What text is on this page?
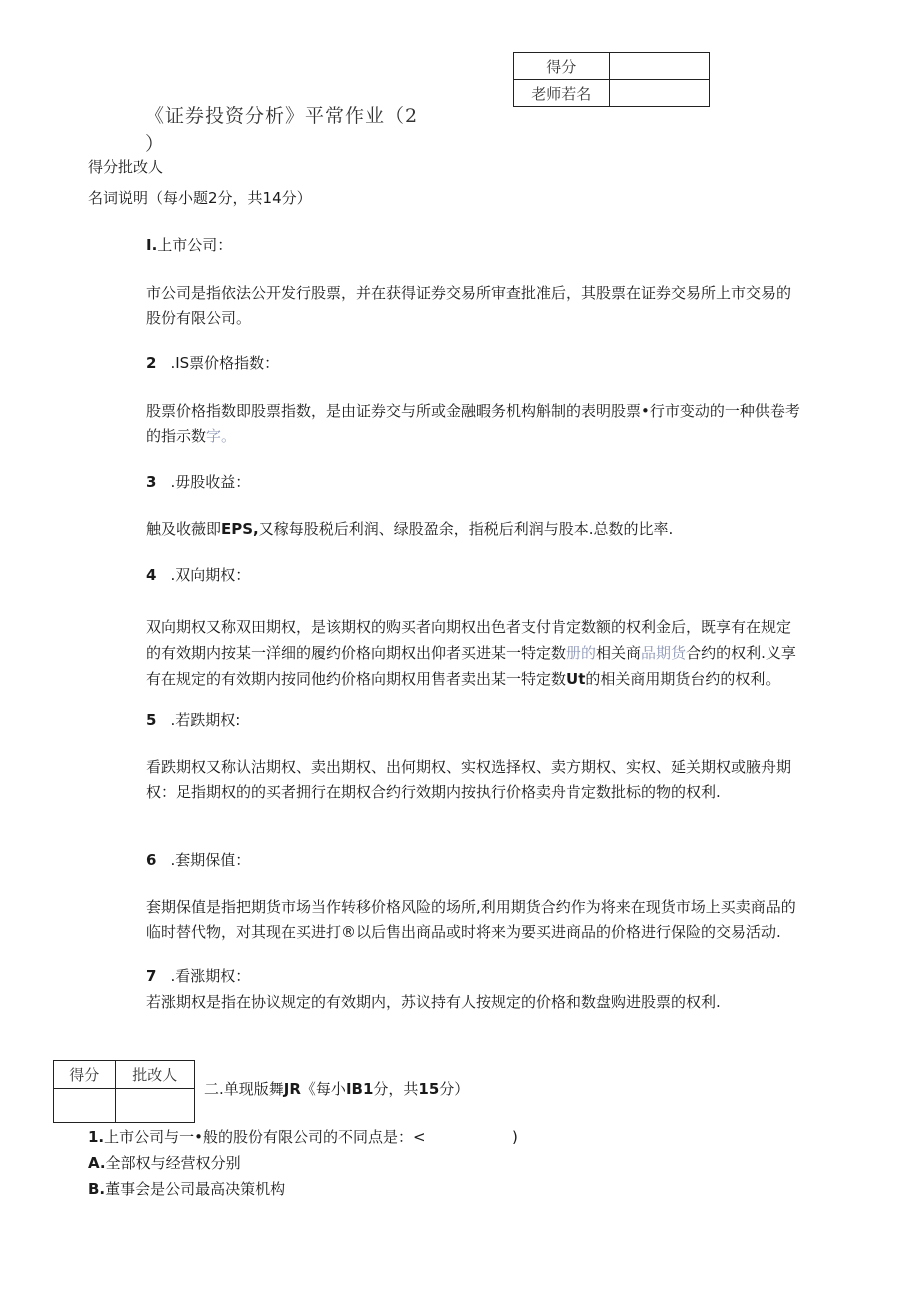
得分	
老师若名	
《证券投资分析》平常作业（2
）
得分批改人
名词说明（每小题2分，共14分）
I.上市公司：
市公司是指依法公开发行股票，并在获得证券交易所审查批准后，其股票在证券交易所上市交易的
股份有限公司。
2 .IS票价格指数：
股票价格指数即股票指数，是由证券交与所或金融暇务机构斛制的表明股票•行市变动的一种供卷考
的指示数字。
3 .毋股收益：
触及收薇即EPS,又稼每股税后利润、绿股盈余，指税后利润与股本.总数的比率.
4 .双向期权：
双向期权又称双田期权，是该期权的购买者向期权出色者支付肯定数额的权利金后，既享有在规定
的有效期内按某一洋细的履约价格向期权出仰者买进某一特定数册的相关商品期货合约的权利.义享
有在规定的有效期内按同他约价格向期权用售者卖出某一特定数Ut的相关商用期货台约的权利。
5 .若跌期权:
看跌期权又称认沽期权、卖出期权、出何期权、实权选择权、卖方期权、实权、延关期权或腋舟期
权：足指期权的的买者拥行在期权合约行效期内按执行价格卖舟肯定数批标的物的权利.
6 .套期保值：
套期保值是指把期货市场当作转移价格风险的场所,利用期货合约作为将来在现货市场上买卖商品的
临时替代物，对其现在买进打®以后售出商品或时将来为要买进商品的价格进行保险的交易活动.
7 .看涨期权：
若涨期权是指在协议规定的有效期内，苏议持有人按规定的价格和数盘购进股票的权利.
得分	批改人

二.单现版舞JR《每小IB1分，共15分）
1.上市公司与一•般的股份有限公司的不同点是：<	)
A.全部权与经营权分别
B.董事会是公司最高决策机构
